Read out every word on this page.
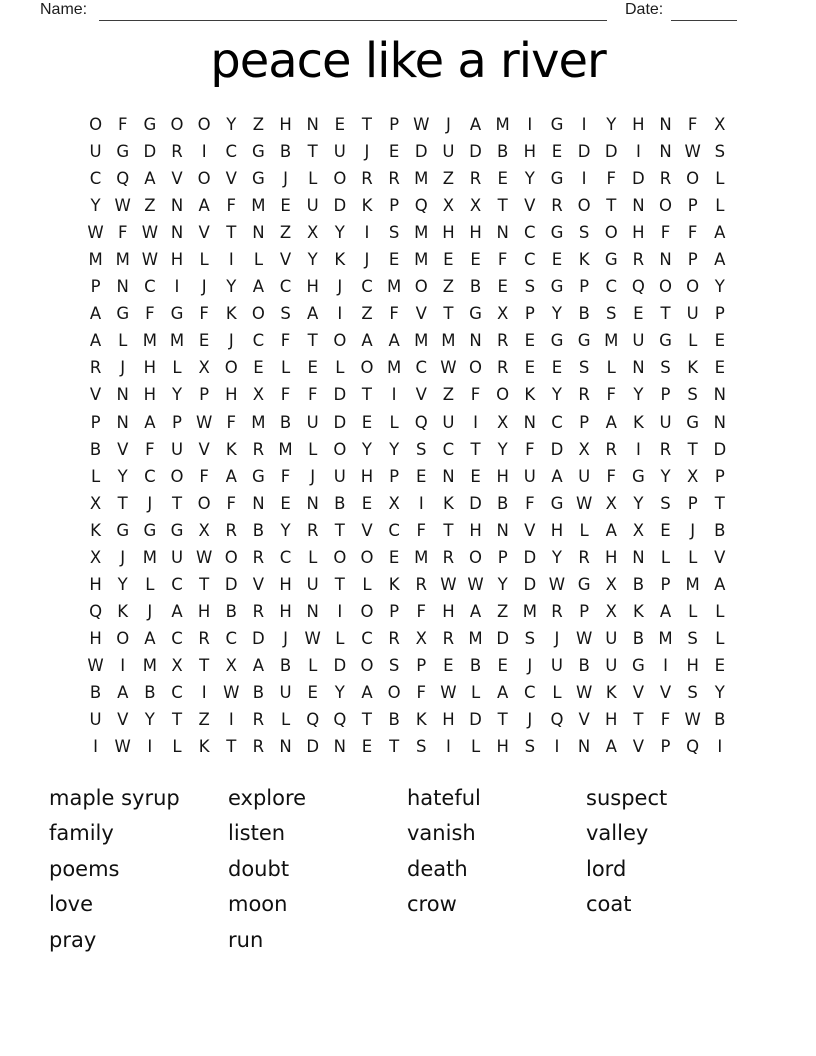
Name:	Date:
peace like a river
O F G O O Y Z H N E	T	P W	J	A M	I	G	I	Y H N F	X
U G D R	I	C G B T U	J	E D U D B H E D D	I	N W S
C Q A V O V G	J	L O R R M Z R E	Y G	I	F D R O L
Y W Z N A	F M E U D K	P Q X X T V R O T N O P	L
W F W N V T N Z X Y	I	S M H H N C G S O H F	F	A
M M W H L	I	L	V Y	K	J	E M E	E	F	C E	K G R N P	A
P N C	I	J	Y A C H	J	C M O Z B E	S G P C Q O O Y
A G F G F	K O S A	I	Z	F	V T G X	P	Y B S	E	T U P
A	L M M E	J	C	F	T O A A M M N R E G G M U G L	E
R	J	H L	X O E	L	E	L O M C W O R E	E	S	L N S K	E
V N H Y	P H X	F	F D T	I	V Z	F O K	Y R	F	Y	P	S N
P N A	P W F M B U D E	L Q U	I	X N C P	A K U G N
B V	F U V K R M L O Y	Y	S C T	Y	F D X R	I	R T D
L	Y C O F	A G F	J	U H P	E N E H U A U F G Y X	P
X T	J	T O F N E N B E X	I	K D B	F G W X Y	S	P	T
K G G G X R B Y R T V C	F	T H N V H L	A X E	J	B
X	J	M U W O R C	L O O E M R O P D Y R H N L	L	V
H Y	L	C T D V H U T	L	K R W W Y D W G X B	P M A
Q K	J	A H B R H N	I	O P	F H A Z M R P	X K A	L	L
H O A C R C D	J	W L	C R X R M D S	J	W U B M S	L
W	I	M X T X A B	L D O S	P	E B E	J	U B U G	I	H E
B A B C	I	W B U E	Y A O F W L	A C	L W K V V S	Y
U V Y	T Z	I	R	L Q Q T B K H D T	J	Q V H T	F W B
I	W	I	L	K	T R N D N E	T	S	I	L H S	I	N A V	P Q	I
maple syrup
family
poems
love
pray
explore
listen
doubt
moon
run
hateful
vanish
death
crow
suspect
valley
lord
coat
